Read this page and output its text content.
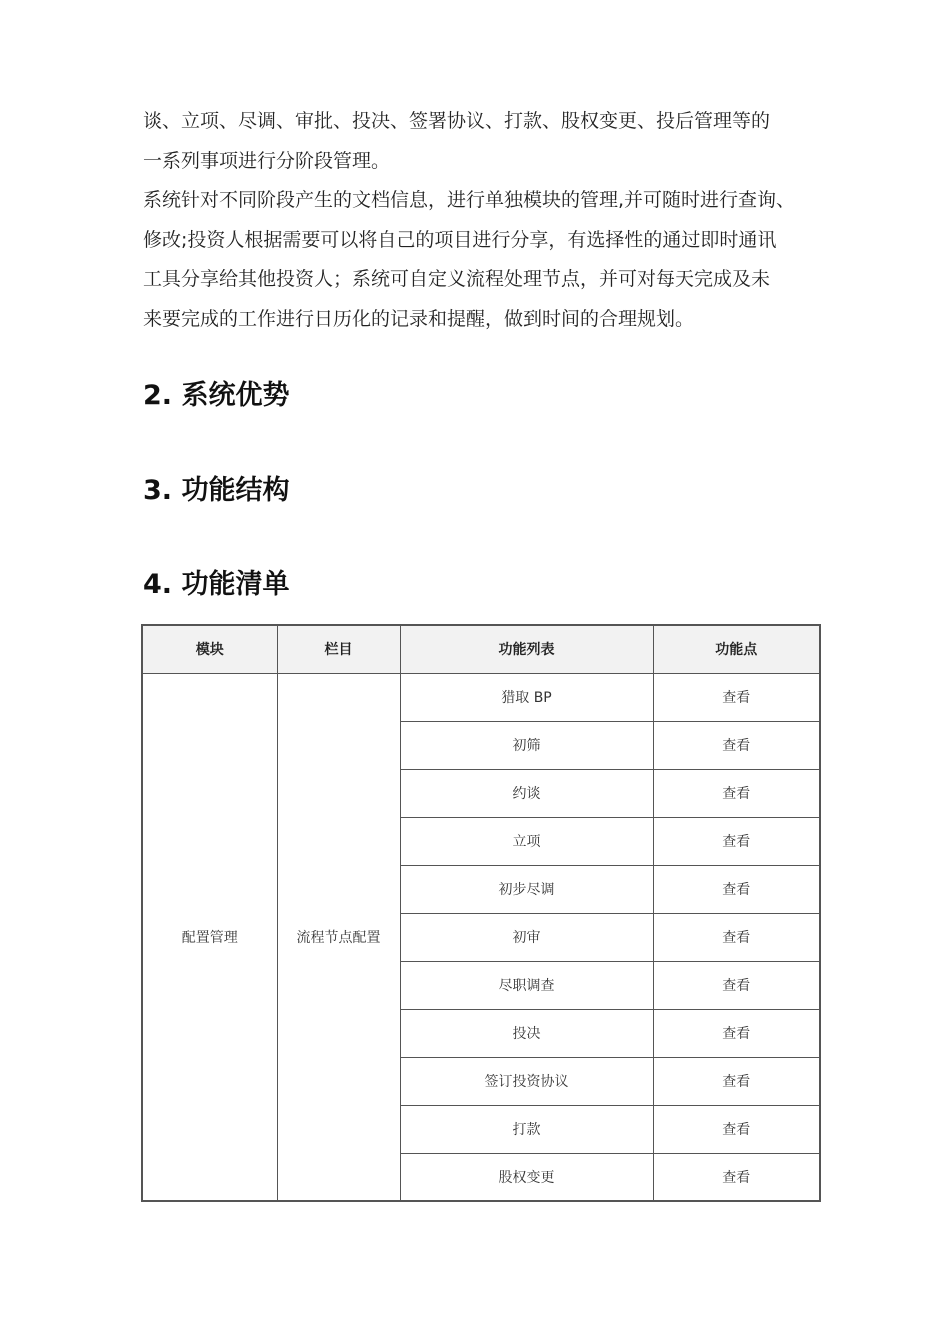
谈、立项、尽调、审批、投决、签署协议、打款、股权变更、投后管理等的
一系列事项进行分阶段管理。
系统针对不同阶段产生的文档信息，进行单独模块的管理,并可随时进行查询、
修改;投资人根据需要可以将自己的项目进行分享，有选择性的通过即时通讯
工具分享给其他投资人；系统可自定义流程处理节点，并可对每天完成及未
来要完成的工作进行日历化的记录和提醒，做到时间的合理规划。
2. 系统优势
3. 功能结构
4. 功能清单
模块	栏目	功能列表	功能点
配置管理	流程节点配置	猎取 BP	查看
		初筛	查看
		约谈	查看
		立项	查看
		初步尽调	查看
		初审	查看
		尽职调查	查看
		投决	查看
		签订投资协议	查看
		打款	查看
		股权变更	查看
